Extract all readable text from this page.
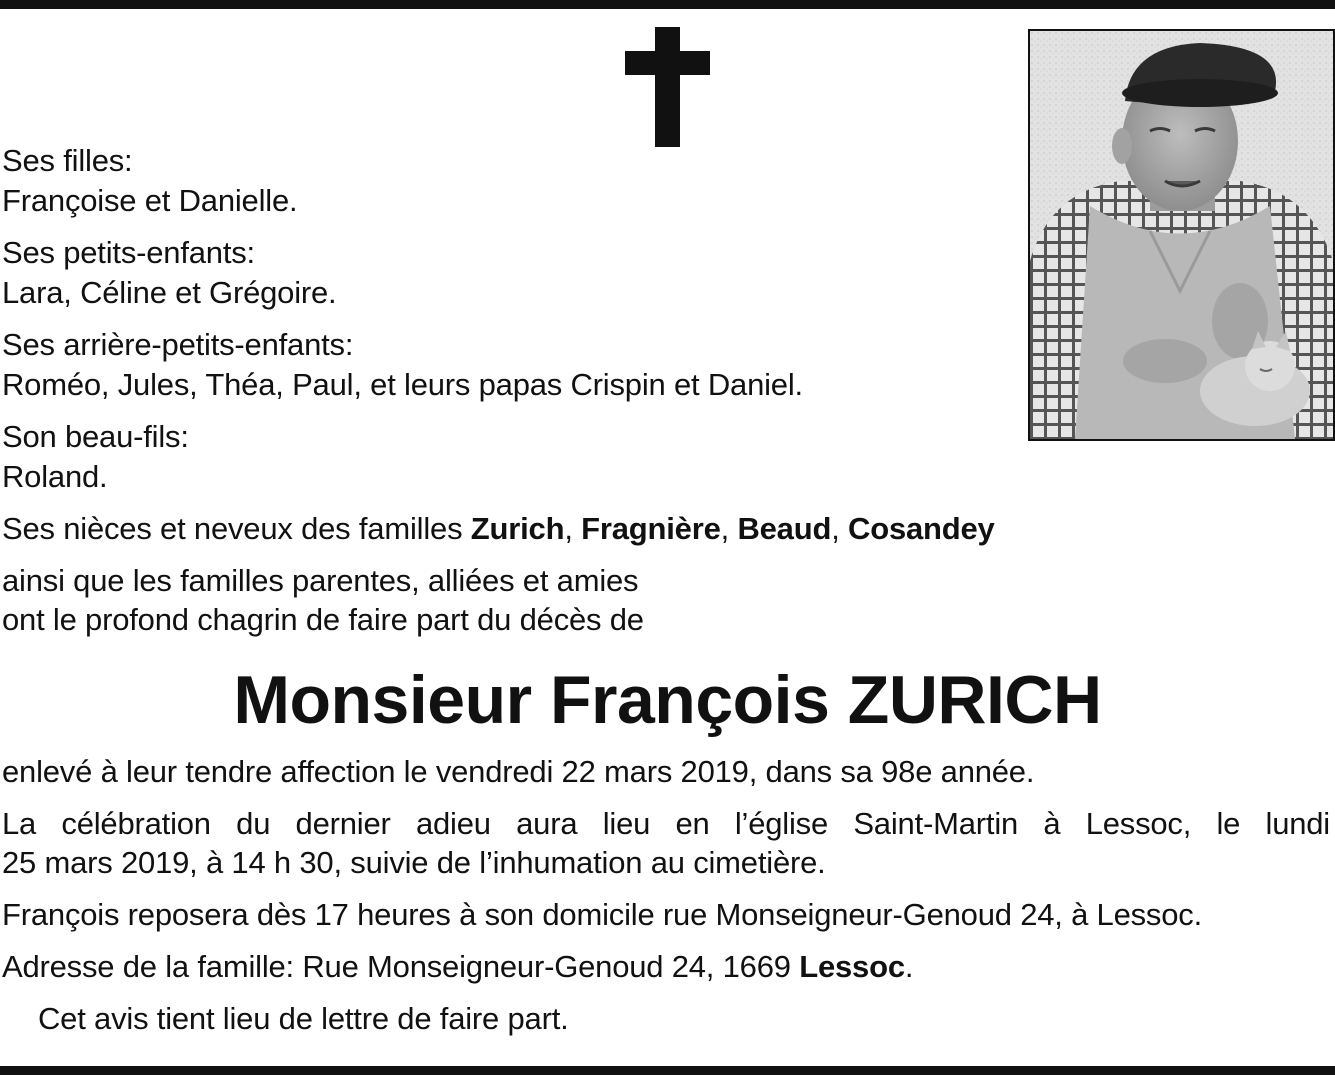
Ses filles:
Françoise et Danielle.
Ses petits-enfants:
Lara, Céline et Grégoire.
Ses arrière-petits-enfants:
Roméo, Jules, Théa, Paul, et leurs papas Crispin et Daniel.
Son beau-fils:
Roland.
Ses nièces et neveux des familles Zurich, Fragnière, Beaud, Cosandey
ainsi que les familles parentes, alliées et amies
ont le profond chagrin de faire part du décès de
Monsieur François ZURICH
enlevé à leur tendre affection le vendredi 22 mars 2019, dans sa 98e année.
La célébration du dernier adieu aura lieu en l’église Saint-Martin à Lessoc, le lundi
25 mars 2019, à 14 h 30, suivie de l’inhumation au cimetière.
François reposera dès 17 heures à son domicile rue Monseigneur-Genoud 24, à Lessoc.
Adresse de la famille: Rue Monseigneur-Genoud 24, 1669 Lessoc.
Cet avis tient lieu de lettre de faire part.
